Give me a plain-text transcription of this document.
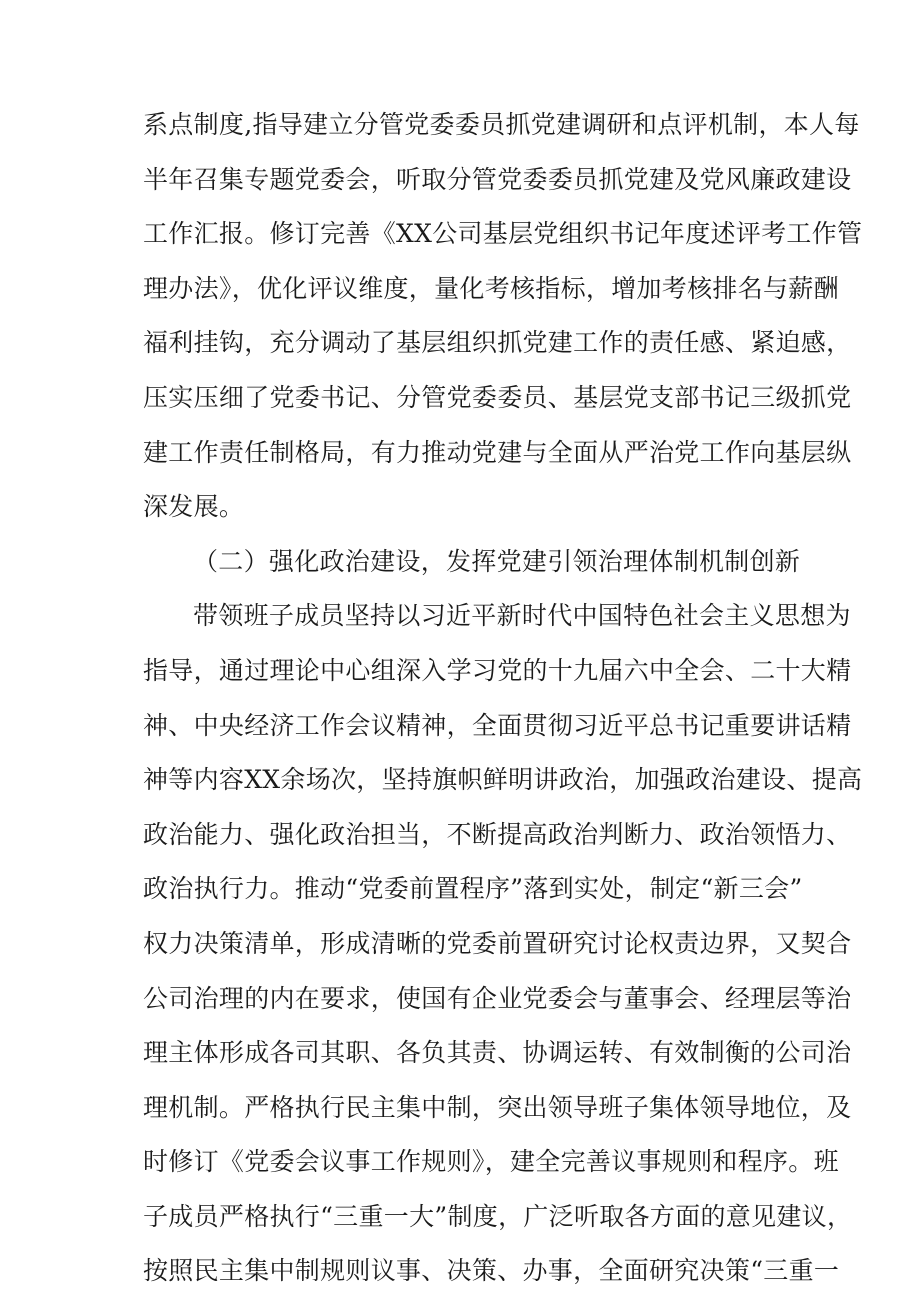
系点制度,指导建立分管党委委员抓党建调研和点评机制，本人每
半年召集专题党委会，听取分管党委委员抓党建及党风廉政建设
工作汇报。修订完善《XX公司基层党组织书记年度述评考工作管
理办法》，优化评议维度，量化考核指标，增加考核排名与薪酬
福利挂钩，充分调动了基层组织抓党建工作的责任感、紧迫感，
压实压细了党委书记、分管党委委员、基层党支部书记三级抓党
建工作责任制格局，有力推动党建与全面从严治党工作向基层纵
深发展。
（二）强化政治建设，发挥党建引领治理体制机制创新
带领班子成员坚持以习近平新时代中国特色社会主义思想为
指导，通过理论中心组深入学习党的十九届六中全会、二十大精
神、中央经济工作会议精神，全面贯彻习近平总书记重要讲话精
神等内容XX余场次，坚持旗帜鲜明讲政治，加强政治建设、提高
政治能力、强化政治担当，不断提高政治判断力、政治领悟力、
政治执行力。推动“党委前置程序”落到实处，制定“新三会”
权力决策清单，形成清晰的党委前置研究讨论权责边界，又契合
公司治理的内在要求，使国有企业党委会与董事会、经理层等治
理主体形成各司其职、各负其责、协调运转、有效制衡的公司治
理机制。严格执行民主集中制，突出领导班子集体领导地位，及
时修订《党委会议事工作规则》，建全完善议事规则和程序。班
子成员严格执行“三重一大”制度，广泛听取各方面的意见建议，
按照民主集中制规则议事、决策、办事，全面研究决策“三重一
